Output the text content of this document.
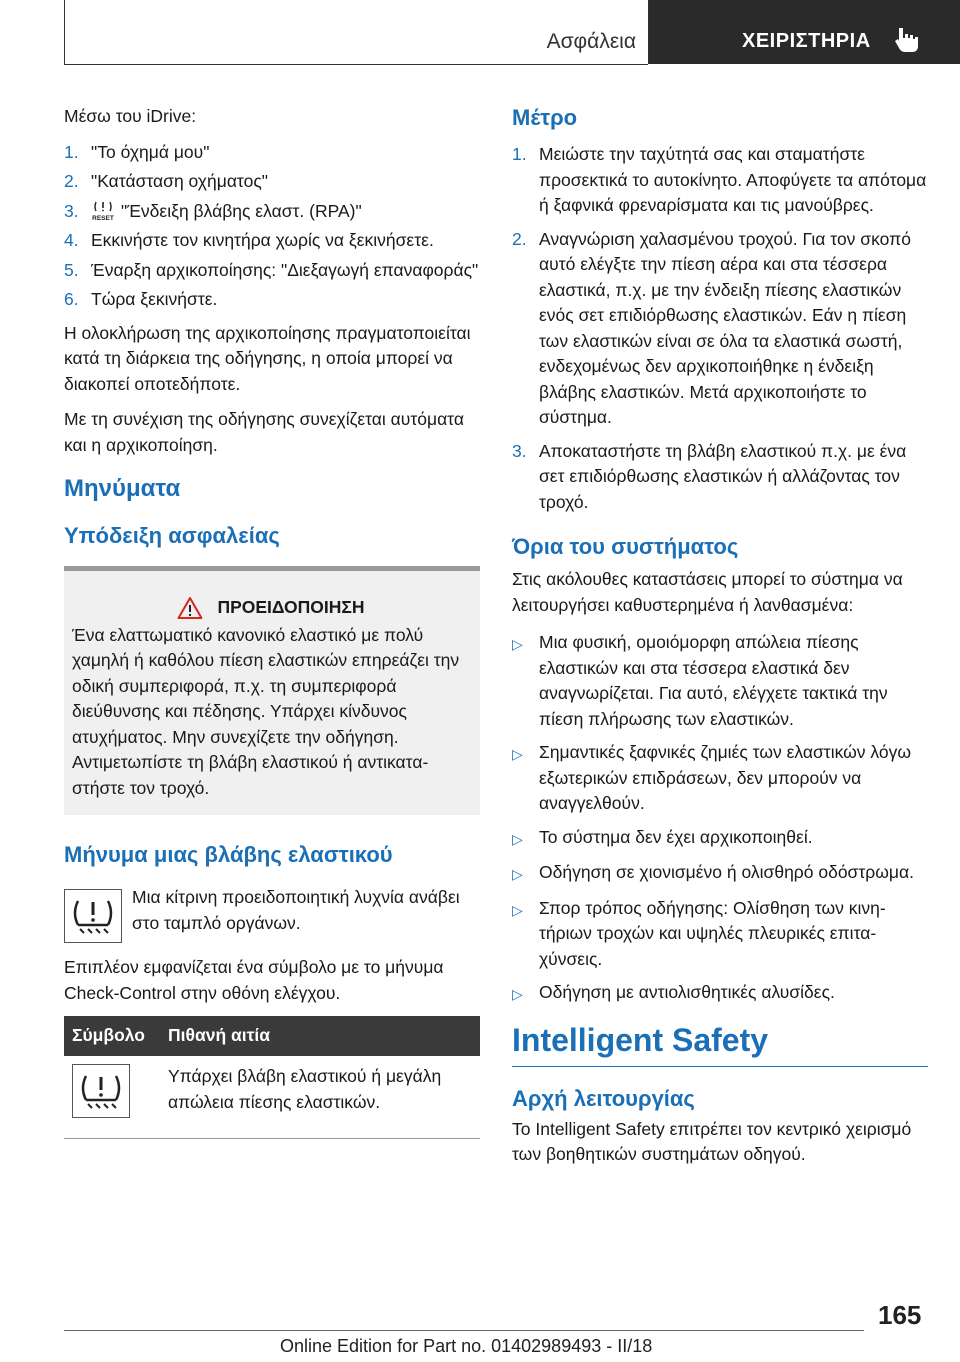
Ασφάλεια	ΧΕΙΡΙΣΤΗΡΙΑ

Μέσω του iDrive:

1. "Το όχημά μου"
2. "Κατάσταση οχήματος"
3.	RESET "Ένδειξη βλάβης ελαστ. (RPA)"
4. Εκκινήστε τον κινητήρα χωρίς να ξεκινήσετε.
5. Έναρξη αρχικοποίησης: "Διεξαγωγή επαναφοράς"
6. Τώρα ξεκινήστε.

Η ολοκλήρωση της αρχικοποίησης πραγματοποιείται κατά τη διάρκεια της οδήγησης, η οποία μπορεί να διακοπεί οποτεδήποτε.

Με τη συνέχιση της οδήγησης συνεχίζεται αυτόματα και η αρχικοποίηση.

Μηνύματα
Υπόδειξη ασφαλείας
ΠΡΟΕΙΔΟΠΟΙΗΣΗ

Ένα ελαττωματικό κανονικό ελαστικό με πολύ χαμηλή ή καθόλου πίεση ελαστικών επηρεάζει την οδική συμπεριφορά, π.χ. τη συμπεριφορά διεύθυνσης και πέδησης. Υπάρχει κίνδυνος ατυχήματος. Μην συνεχίζετε την οδήγηση. Αντιμετωπίστε τη βλάβη ελαστικού ή αντικαταστήστε τον τροχό.

Μήνυμα μιας βλάβης ελαστικού

Μια κίτρινη προειδοποιητική λυχνία ανάβει στο ταμπλό οργάνων.

Επιπλέον εμφανίζεται ένα σύμβολο με το μήνυμα Check-Control στην οθόνη ελέγχου.

Σύμβολο	Πιθανή αιτία
	Υπάρχει βλάβη ελαστικού ή μεγάλη απώλεια πίεσης ελαστικών.
Μέτρο
1. Μειώστε την ταχύτητά σας και σταματήστε προσεκτικά το αυτοκίνητο. Αποφύγετε τα απότομα ή ξαφνικά φρεναρίσματα και τις μανούβρες.
2. Αναγνώριση χαλασμένου τροχού. Για τον σκοπό αυτό ελέγξτε την πίεση αέρα και στα τέσσερα ελαστικά, π.χ. με την ένδειξη πίεσης ελαστικών ενός σετ επιδιόρθωσης ελαστικών. Εάν η πίεση των ελαστικών είναι σε όλα τα ελαστικά σωστή, ενδεχομένως δεν αρχικοποιήθηκε η ένδειξη βλάβης ελαστικών. Μετά αρχικοποιήστε το σύστημα.
3. Αποκαταστήστε τη βλάβη ελαστικού π.χ. με ένα σετ επιδιόρθωσης ελαστικών ή αλλάζοντας τον τροχό.
Όρια του συστήματος

Στις ακόλουθες καταστάσεις μπορεί το σύστημα να λειτουργήσει καθυστερημένα ή λανθασμένα:

▷ Μια φυσική, ομοιόμορφη απώλεια πίεσης ελαστικών και στα τέσσερα ελαστικά δεν αναγνωρίζεται. Για αυτό, ελέγχετε τακτικά την πίεση πλήρωσης των ελαστικών.
▷ Σημαντικές ξαφνικές ζημιές των ελαστικών λόγω εξωτερικών επιδράσεων, δεν μπορούν να αναγγελθούν.
▷ Το σύστημα δεν έχει αρχικοποιηθεί.
▷ Οδήγηση σε χιονισμένο ή ολισθηρό οδόστρωμα.
▷ Σπορ τρόπος οδήγησης: Ολίσθηση των κινητήριων τροχών και υψηλές πλευρικές επιταχύνσεις.
▷ Οδήγηση με αντιολισθητικές αλυσίδες.
Intelligent Safety
Αρχή λειτουργίας

Το Intelligent Safety επιτρέπει τον κεντρικό χειρισμό των βοηθητικών συστημάτων οδηγού.

165
Online Edition for Part no. 01402989493 - II/18
